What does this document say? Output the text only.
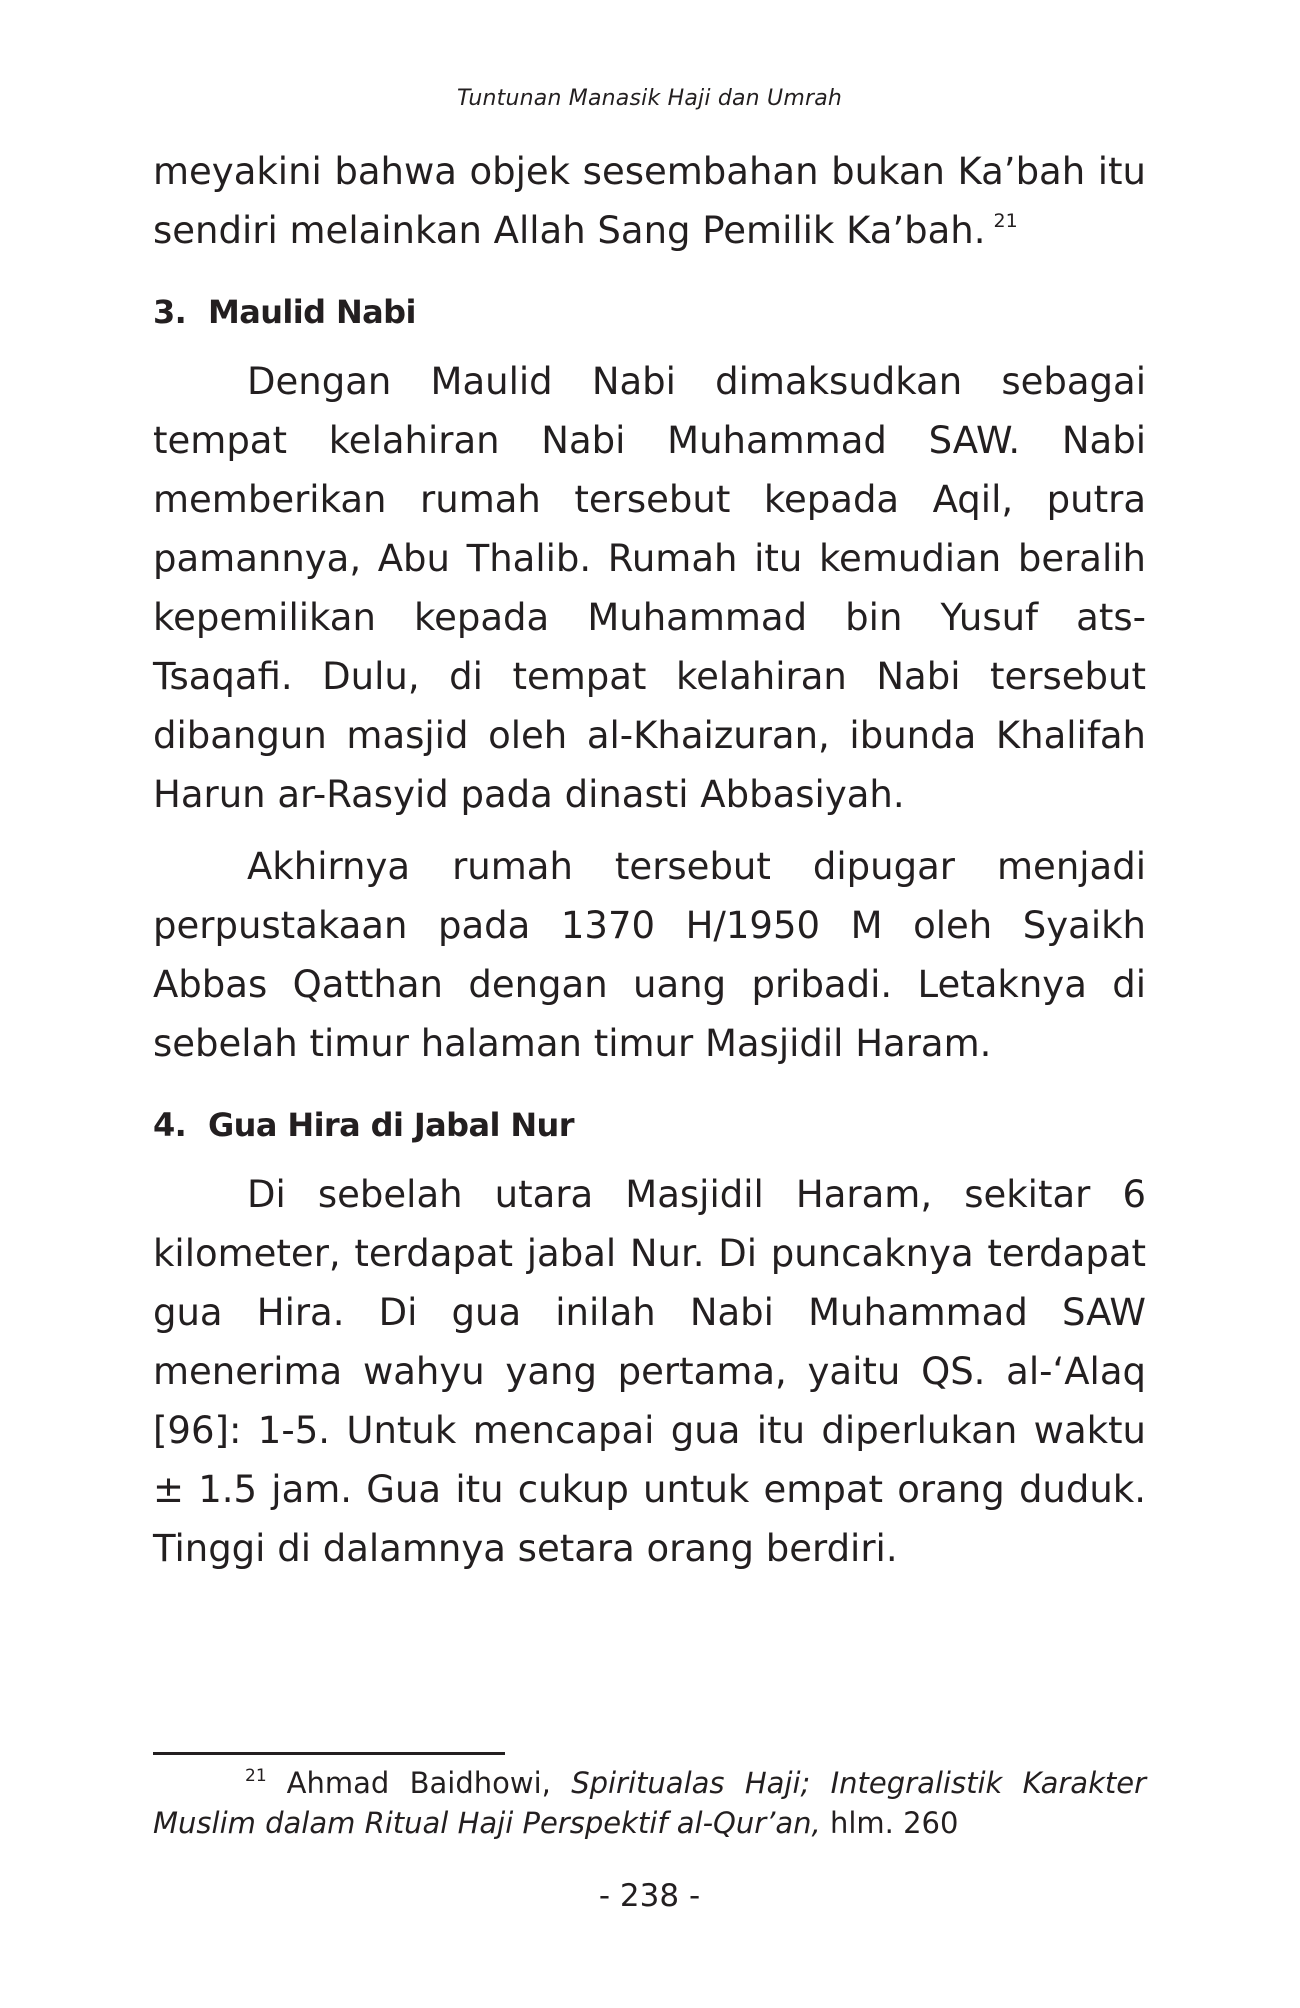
Tuntunan Manasik Haji dan Umrah

meyakini bahwa objek sesembahan bukan Ka’bah itu sendiri melainkan Allah Sang Pemilik Ka’bah. $^{21}$

3. Maulid Nabi

Dengan Maulid Nabi dimaksudkan sebagai tempat kelahiran Nabi Muhammad SAW. Nabi memberikan rumah tersebut kepada Aqil, putra pamannya, Abu Thalib. Rumah itu kemudian beralih kepemilikan kepada Muhammad bin Yusuf ats-Tsaqafi. Dulu, di tempat kelahiran Nabi tersebut dibangun masjid oleh al-Khaizuran, ibunda Khalifah Harun ar-Rasyid pada dinasti Abbasiyah.

Akhirnya rumah tersebut dipugar menjadi perpustakaan pada 1370 H/1950 M oleh Syaikh Abbas Qatthan dengan uang pribadi. Letaknya di sebelah timur halaman timur Masjidil Haram.

4. Gua Hira di Jabal Nur

Di sebelah utara Masjidil Haram, sekitar 6 kilometer, terdapat jabal Nur. Di puncaknya terdapat gua Hira. Di gua inilah Nabi Muhammad SAW menerima wahyu yang pertama, yaitu QS. al-‘Alaq [96]: 1-5. Untuk mencapai gua itu diperlukan waktu ± 1.5 jam. Gua itu cukup untuk empat orang duduk. Tinggi di dalamnya setara orang berdiri.

$^{21}$ Ahmad Baidhowi, Spiritualas Haji; Integralistik Karakter Muslim dalam Ritual Haji Perspektif al-Qur’an, hlm. 260
- 238 -
